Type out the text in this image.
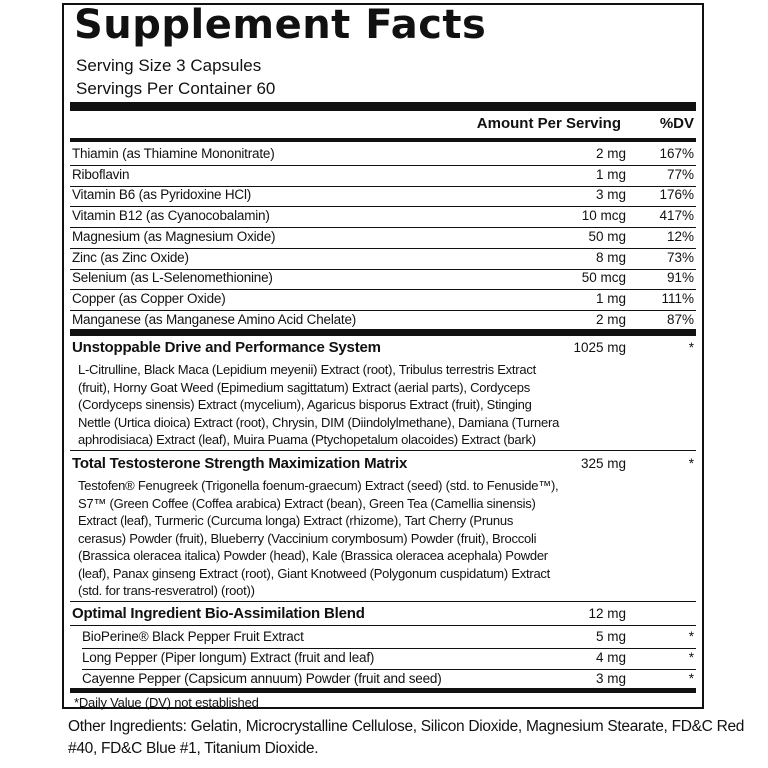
Supplement Facts
Serving Size 3 Capsules
Servings Per Container 60
Amount Per Serving	%DV
Thiamin (as Thiamine Mononitrate)	2 mg 167%
Riboflavin	1 mg	77%
Vitamin B6 (as Pyridoxine HCl)	3 mg 176%
Vitamin B12 (as Cyanocobalamin)	10 mcg 417%
Magnesium (as Magnesium Oxide)	50 mg	12%
Zinc (as Zinc Oxide)	8 mg	73%
Selenium (as L-Selenomethionine)	50 mcg	91%
Copper (as Copper Oxide)	1 mg	111%
Manganese (as Manganese Amino Acid Chelate)	2 mg	87%
Unstoppable Drive and Performance System	1025 mg	*

L-Citrulline, Black Maca (Lepidium meyenii) Extract (root), Tribulus terrestris Extract

(fruit), Horny Goat Weed (Epimedium sagittatum) Extract (aerial parts), Cordyceps

(Cordyceps sinensis) Extract (mycelium), Agaricus bisporus Extract (fruit), Stinging

Nettle (Urtica dioica) Extract (root), Chrysin, DIM (Diindolylmethane), Damiana (Turnera

aphrodisiaca) Extract (leaf), Muira Puama (Ptychopetalum olacoides) Extract (bark)

Total Testosterone Strength Maximization Matrix	325 mg	*

Testofen® Fenugreek (Trigonella foenum-graecum) Extract (seed) (std. to Fenuside™),

S7™ (Green Coffee (Coffea arabica) Extract (bean), Green Tea (Camellia sinensis)

Extract (leaf), Turmeric (Curcuma longa) Extract (rhizome), Tart Cherry (Prunus

cerasus) Powder (fruit), Blueberry (Vaccinium corymbosum) Powder (fruit), Broccoli

(Brassica oleracea italica) Powder (head), Kale (Brassica oleracea acephala) Powder

(leaf), Panax ginseng Extract (root), Giant Knotweed (Polygonum cuspidatum) Extract

(std. for trans-resveratrol) (root))

Optimal Ingredient Bio-Assimilation Blend	12 mg
BioPerine® Black Pepper Fruit Extract	5 mg	*
Long Pepper (Piper longum) Extract (fruit and leaf)	4 mg	*
Cayenne Pepper (Capsicum annuum) Powder (fruit and seed)	3 mg	*
*Daily Value (DV) not established
Other Ingredients: Gelatin, Microcrystalline Cellulose, Silicon Dioxide, Magnesium Stearate, FD&C Red #40, FD&C Blue #1, Titanium Dioxide.
